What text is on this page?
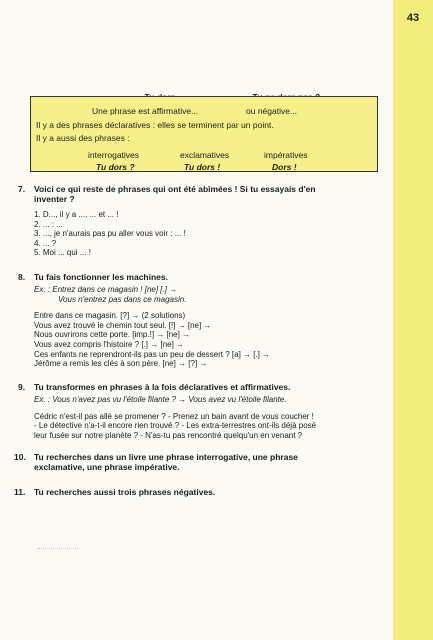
43
Une phrase est affirmative...	ou négative...
Il y a des phrases déclaratives : elles se terminent par un point.
Il y a aussi des phrases :
interrogatives	exclamatives	impératives
Tu dors ?	Tu dors !	Dors !
7. Voici ce qui reste de phrases qui ont été abîmées ! Si tu essayais d'en
inventer ?
1. D..., il y a ..., ... et ... !
2. ... : ...
3. ..., je n'aurais pas pu aller vous voir : ... !
4. ... ?
5. Moi ... qui ... !
8. Tu fais fonctionner les machines.
Ex. : Entrez dans ce magasin ! [ne] [.] →
Vous n'entrez pas dans ce magasin.
Entre dans ce magasin. [?] → (2 solutions)
Vous avez trouvé le chemin tout seul. [!] → [ne] →
Nous ouvrirons cette porte. [imp.!] → [ne] →
Vous avez compris l'histoire ? [.] → [ne] →
Ces enfants ne reprendront-ils pas un peu de dessert ? [a] → [.] →
Jérôme a remis les clés à son père. [ne] → [?] →
9. Tu transformes en phrases à la fois déclaratives et affirmatives.
Ex. : Vous n'avez pas vu l'étoile filante ? → Vous avez vu l'étoile filante.
Cédric n'est-il pas allé se promener ? - Prenez un bain avant de vous coucher !
- Le détective n'a-t-il encore rien trouvé ? - Les extra-terrestres ont-ils déjà posé
leur fusée sur notre planète ? - N'as-tu pas rencontré quelqu'un en venant ?
10. Tu recherches dans un livre une phrase interrogative, une phrase
exclamative, une phrase impérative.
11. Tu recherches aussi trois phrases négatives.
